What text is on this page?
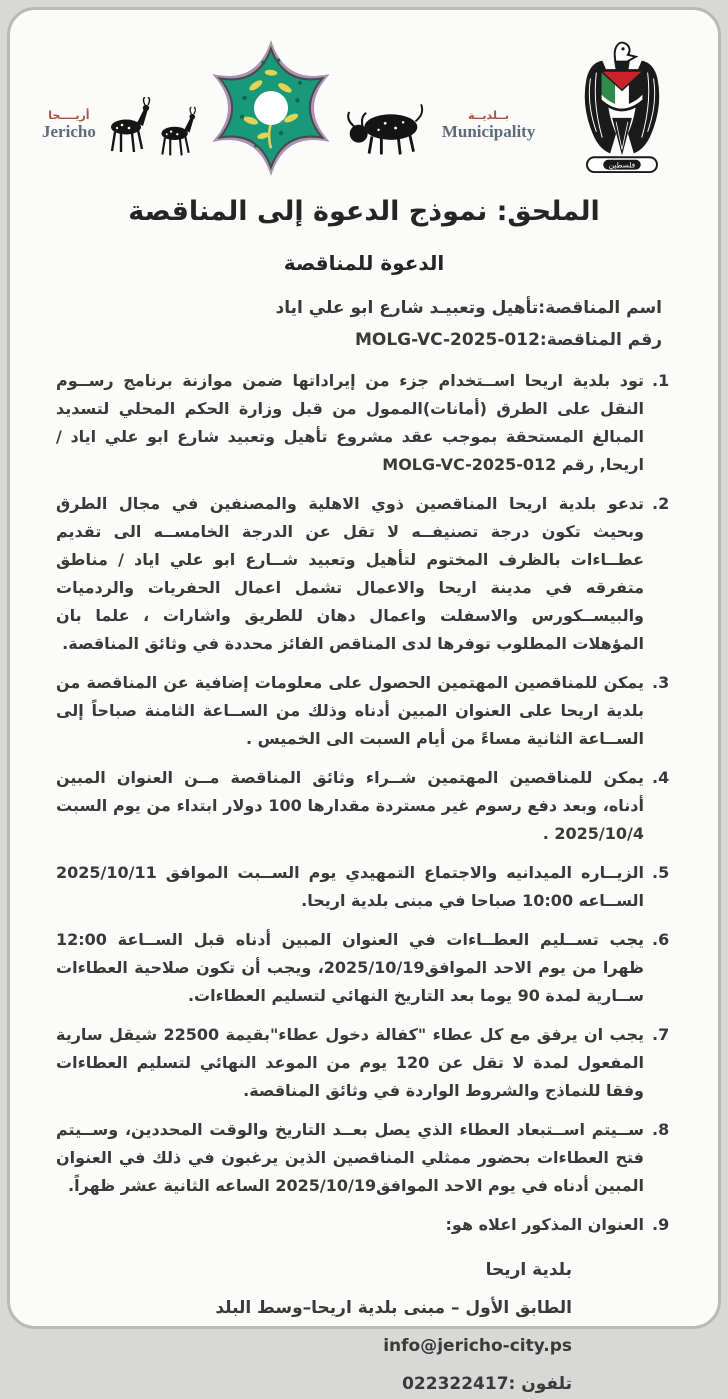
أريــــحا
Jericho
بــلديــة
Municipality
فلسطين
الملحق: نموذج الدعوة إلى المناقصة
الدعوة للمناقصة

اسم المناقصة:تأهيل وتعبيـد شارع ابو علي اياد

رقم المناقصة:MOLG-VC-2025-012

1.

تود بلدية اريحا اســتخدام جزء من إيراداتها ضمن موازنة برنامج رســوم النقل على الطرق (أمانات)الممول من قبل وزارة الحكم المحلي لتسديد المبالغ المستحقة بموجب عقد مشروع تأهيل وتعبيد شارع ابو علي اياد / اريحا, رقم MOLG-VC-2025-012

2.

تدعو بلدية اريحا المناقصين ذوي الاهلية والمصنفين في مجال الطرق وبحيث تكون درجة تصنيفــه لا تقل عن الدرجة الخامســه الى تقديم عطــاءات بالظرف المختوم لتأهيل وتعبيد شــارع ابو علي اياد / مناطق متفرقه في مدينة اريحا والاعمال تشمل اعمال الحفريات والردميات والبيســكورس والاسفلت واعمال دهان للطريق واشارات ، علما بان المؤهلات المطلوب توفرها لدى المناقص الفائز محددة في وثائق المناقصة.

3.

يمكن للمناقصين المهتمين الحصول على معلومات إضافية عن المناقصة من بلدية اريحا على العنوان المبين أدناه وذلك من الســاعة الثامنة صباحاً إلى الســاعة الثانية مساءً من أيام السبت الى الخميس .

4.

يمكن للمناقصين المهتمين شــراء وثائق المناقصة مــن العنوان المبين أدناه، وبعد دفع رسوم غير مستردة مقدارها 100 دولار ابتداء من يوم السبت 2025/10/4 .

5.

الزيــاره الميدانيه والاجتماع التمهيدي يوم الســبت الموافق 2025/10/11 الســاعه 10:00 صباحا في مبنى بلدية اريحا.

6.

يجب تســليم العطــاءات في العنوان المبين أدناه قبل الســاعة 12:00 ظهرا من يوم الاحد الموافق2025/10/19، ويجب أن تكون صلاحية العطاءات ســارية لمدة 90 يوما بعد التاريخ النهائي لتسليم العطاءات.

7.

يجب ان يرفق مع كل عطاء "كفالة دخول عطاء"بقيمة 22500 شيقل سارية المفعول لمدة لا تقل عن 120 يوم من الموعد النهائي لتسليم العطاءات وفقا للنماذج والشروط الواردة في وثائق المناقصة.

8.

ســيتم اســتبعاد العطاء الذي يصل بعــد التاريخ والوقت المحددين، وســيتم فتح العطاءات بحضور ممثلي المناقصين الذين يرغبون في ذلك في العنوان المبين أدناه في يوم الاحد الموافق2025/10/19 الساعه الثانية عشر ظهراً.

9.

العنوان المذكور اعلاه هو:

بلدية اريحا

الطابق الأول – مبنى بلدية اريحا–وسط البلد

info@jericho-city.ps

تلفون :022322417
